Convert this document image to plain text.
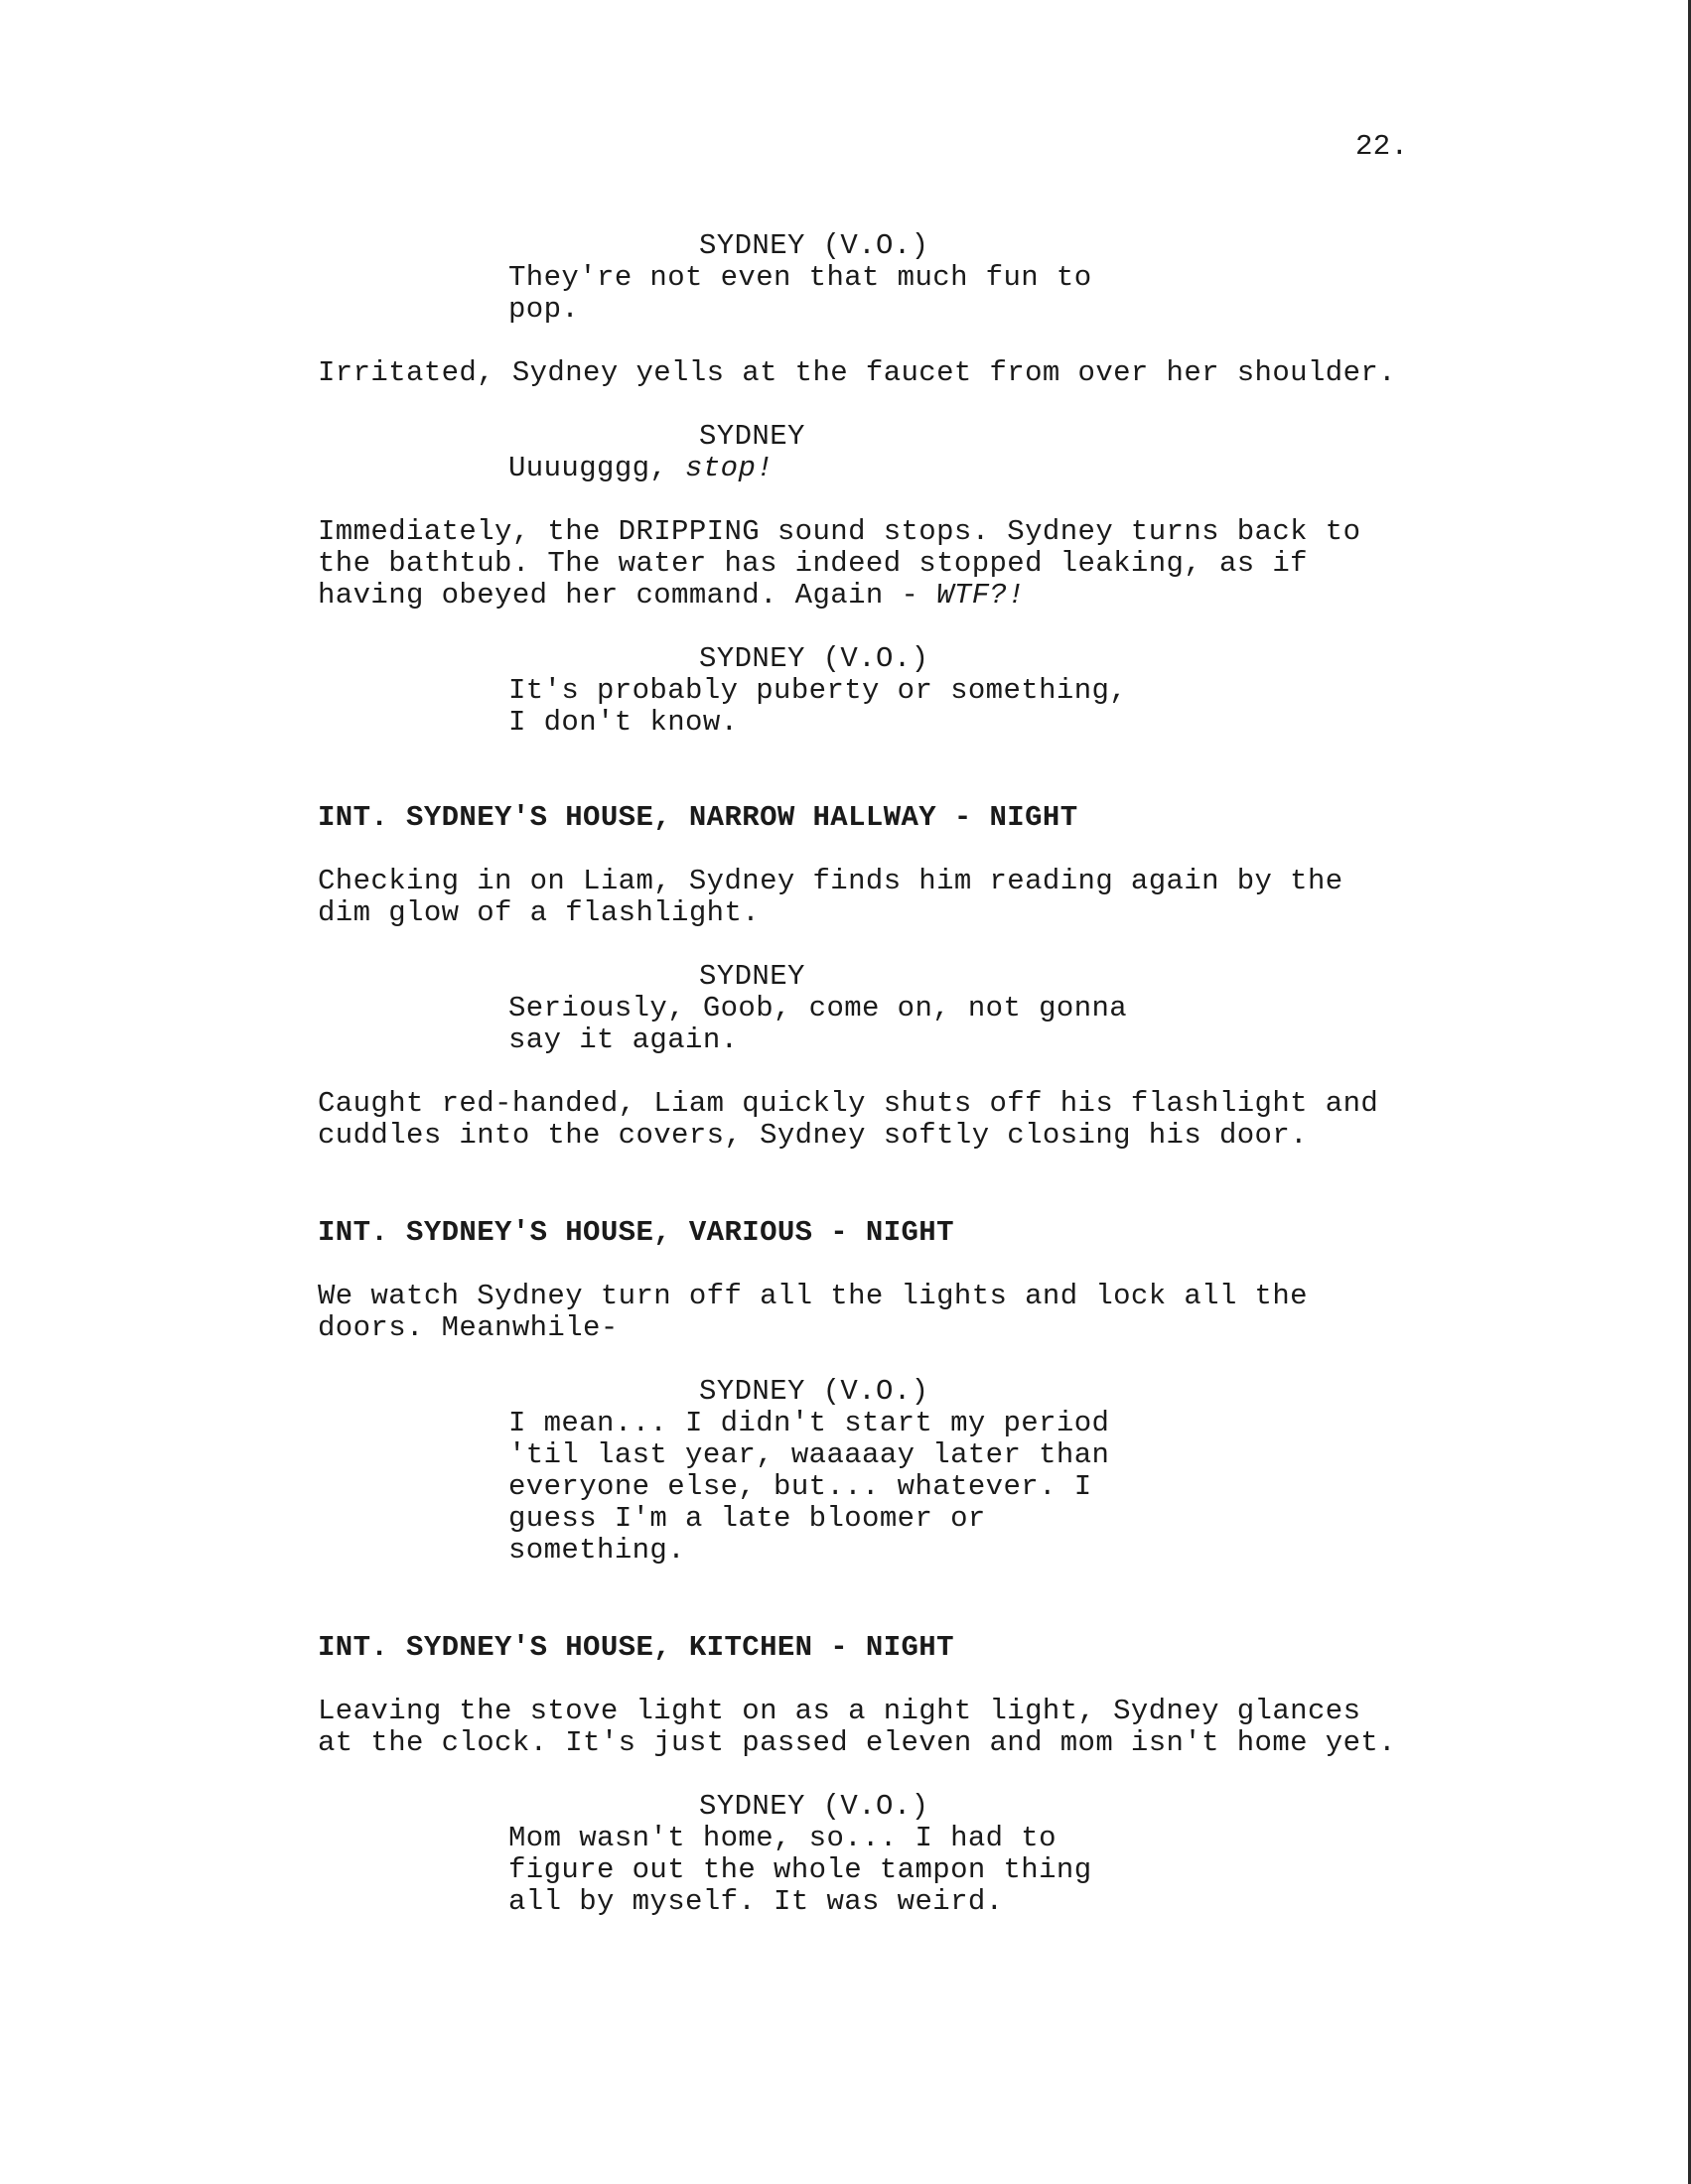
22.
SYDNEY (V.O.)
They're not even that much fun to
pop.
Irritated, Sydney yells at the faucet from over her shoulder.
SYDNEY
Uuuugggg, stop!
Immediately, the DRIPPING sound stops. Sydney turns back to
the bathtub. The water has indeed stopped leaking, as if
having obeyed her command. Again - WTF?!
SYDNEY (V.O.)
It's probably puberty or something,
I don't know.
INT. SYDNEY'S HOUSE, NARROW HALLWAY - NIGHT
Checking in on Liam, Sydney finds him reading again by the
dim glow of a flashlight.
SYDNEY
Seriously, Goob, come on, not gonna
say it again.
Caught red-handed, Liam quickly shuts off his flashlight and
cuddles into the covers, Sydney softly closing his door.
INT. SYDNEY'S HOUSE, VARIOUS - NIGHT
We watch Sydney turn off all the lights and lock all the
doors. Meanwhile-
SYDNEY (V.O.)
I mean... I didn't start my period
'til last year, waaaaay later than
everyone else, but... whatever. I
guess I'm a late bloomer or
something.
INT. SYDNEY'S HOUSE, KITCHEN - NIGHT
Leaving the stove light on as a night light, Sydney glances
at the clock. It's just passed eleven and mom isn't home yet.
SYDNEY (V.O.)
Mom wasn't home, so... I had to
figure out the whole tampon thing
all by myself. It was weird.
